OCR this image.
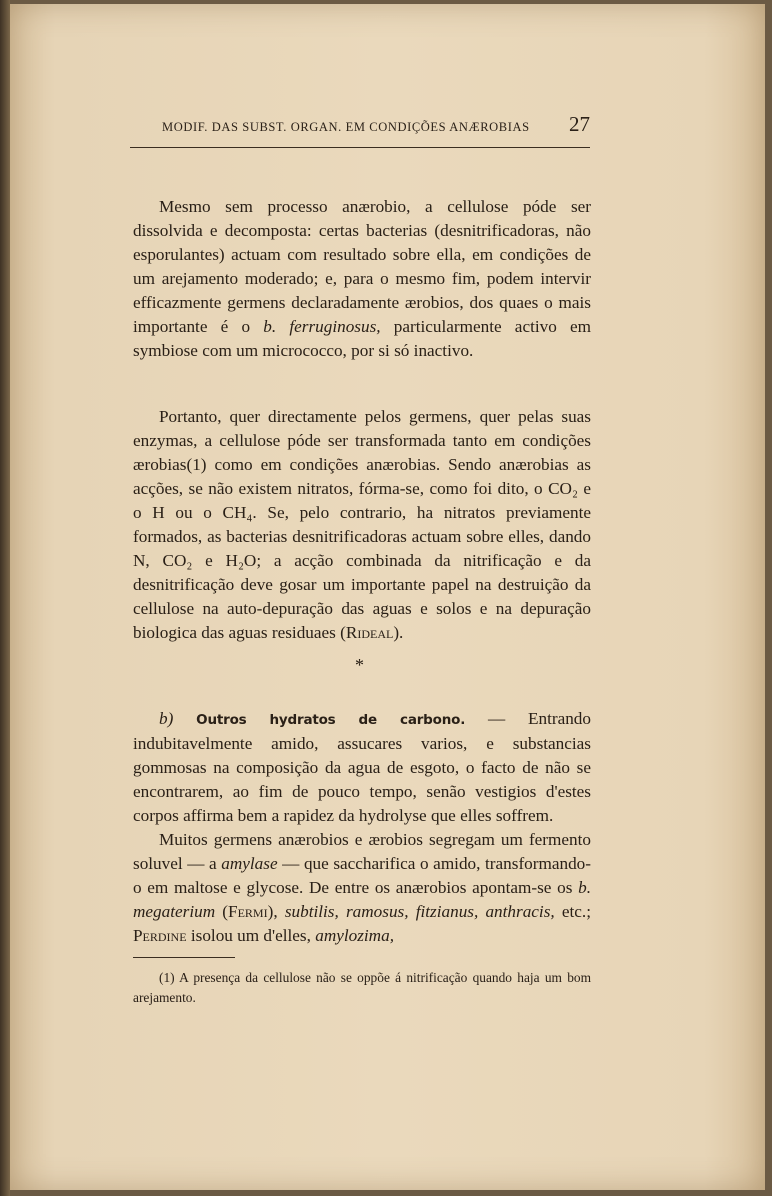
MODIF. DAS SUBST. ORGAN. EM CONDIÇÕES ANÆROBIAS 27

Mesmo sem processo anærobio, a cellulose póde ser dissolvida e decomposta: certas bacterias (desnitrificadoras, não esporulantes) actuam com resultado sobre ella, em condições de um arejamento moderado; e, para o mesmo fim, podem intervir efficazmente germens declaradamente ærobios, dos quaes o mais importante é o b. ferruginosus, particularmente activo em symbiose com um micrococco, por si só inactivo.

Portanto, quer directamente pelos germens, quer pelas suas enzymas, a cellulose póde ser transformada tanto em condições ærobias(1) como em condições anærobias. Sendo anærobias as acções, se não existem nitratos, fórma-se, como foi dito, o CO₂ e o H ou o CH₄. Se, pelo contrario, ha nitratos previamente formados, as bacterias desnitrificadoras actuam sobre elles, dando N, CO₂ e H₂O; a acção combinada da nitrificação e da desnitrificação deve gosar um importante papel na destruição da cellulose na auto-depuração das aguas e solos e na depuração biologica das aguas residuaes (Rideal).

*

b) Outros hydratos de carbono. — Entrando indubitavelmente amido, assucares varios, e substancias gommosas na composição da agua de esgoto, o facto de não se encontrarem, ao fim de pouco tempo, senão vestigios d'estes corpos affirma bem a rapidez da hydrolyse que elles soffrem.

Muitos germens anærobios e ærobios segregam um fermento soluvel — a amylase — que saccharifica o amido, transformando-o em maltose e glycose. De entre os anærobios apontam-se os b. megaterium (Fermi), subtilis, ramosus, fitzianus, anthracis, etc.; Perdine isolou um d'elles, amylozima,

(1) A presença da cellulose não se oppõe á nitrificação quando haja um bom arejamento.
